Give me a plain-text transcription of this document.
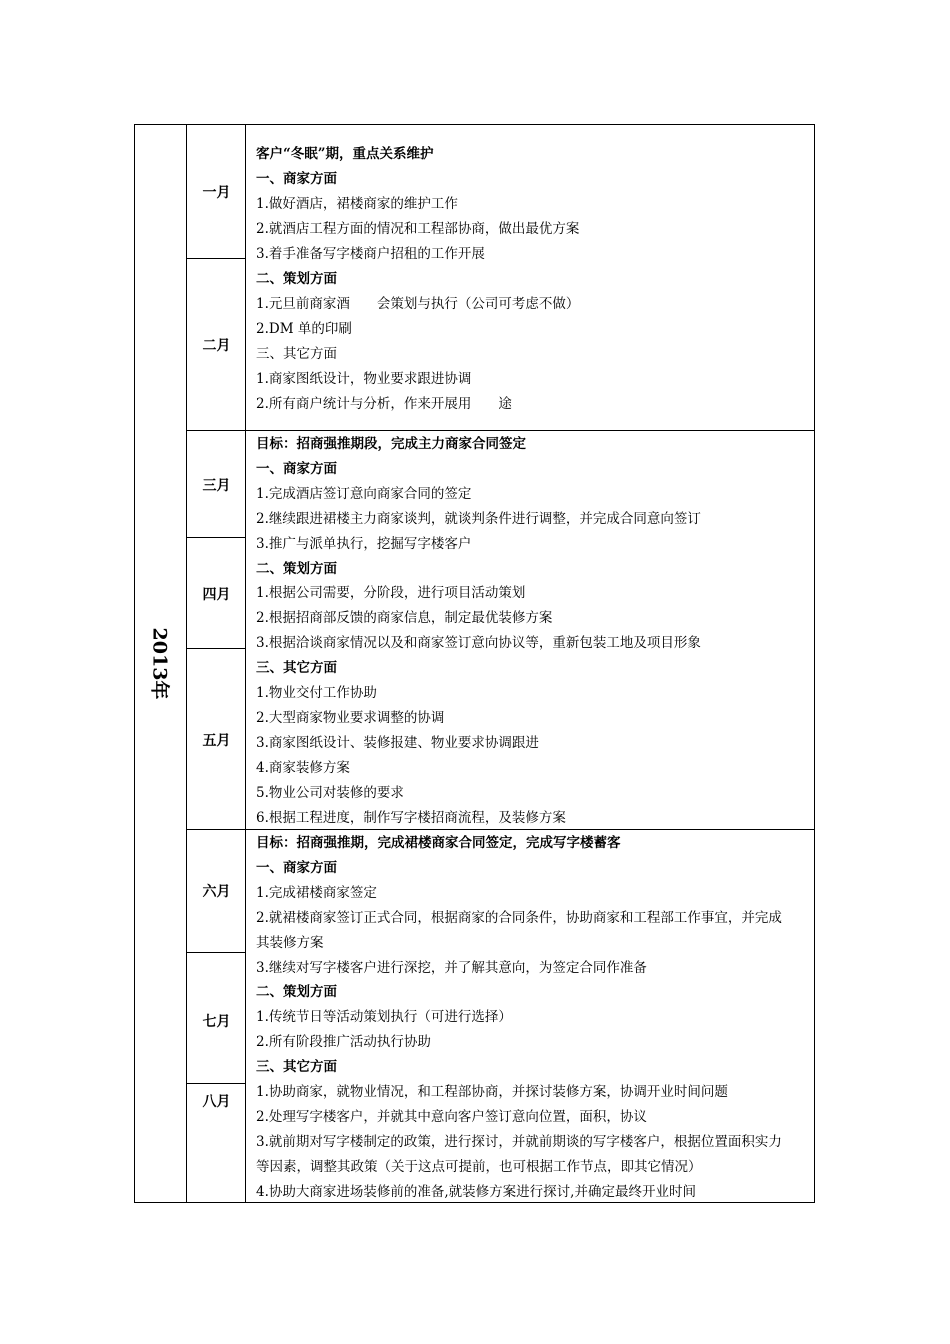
2013年
一月
二月
三月
四月
五月
六月
七月
八月
客户“冬眠”期，重点关系维护
一、商家方面
1.做好酒店，裙楼商家的维护工作
2.就酒店工程方面的情况和工程部协商，做出最优方案
3.着手准备写字楼商户招租的工作开展
二、策划方面
1.元旦前商家酒　　会策划与执行（公司可考虑不做）
2.DM 单的印刷
三、其它方面
1.商家图纸设计，物业要求跟进协调
2.所有商户统计与分析，作来开展用　　途
目标：招商强推期段，完成主力商家合同签定
一、商家方面
1.完成酒店签订意向商家合同的签定
2.继续跟进裙楼主力商家谈判，就谈判条件进行调整，并完成合同意向签订
3.推广与派单执行，挖掘写字楼客户
二、策划方面
1.根据公司需要，分阶段，进行项目活动策划
2.根据招商部反馈的商家信息，制定最优装修方案
3.根据洽谈商家情况以及和商家签订意向协议等，重新包装工地及项目形象
三、其它方面
1.物业交付工作协助
2.大型商家物业要求调整的协调
3.商家图纸设计、装修报建、物业要求协调跟进
4.商家装修方案
5.物业公司对装修的要求
6.根据工程进度，制作写字楼招商流程，及装修方案
目标：招商强推期，完成裙楼商家合同签定，完成写字楼蓄客
一、商家方面
1.完成裙楼商家签定
2.就裙楼商家签订正式合同，根据商家的合同条件，协助商家和工程部工作事宜，并完成
其装修方案
3.继续对写字楼客户进行深挖，并了解其意向，为签定合同作准备
二、策划方面
1.传统节日等活动策划执行（可进行选择）
2.所有阶段推广活动执行协助
三、其它方面
1.协助商家，就物业情况，和工程部协商，并探讨装修方案，协调开业时间问题
2.处理写字楼客户，并就其中意向客户签订意向位置，面积，协议
3.就前期对写字楼制定的政策，进行探讨，并就前期谈的写字楼客户，根据位置面积实力
等因素，调整其政策（关于这点可提前，也可根据工作节点，即其它情况）
4.协助大商家进场装修前的准备,就装修方案进行探讨,并确定最终开业时间
